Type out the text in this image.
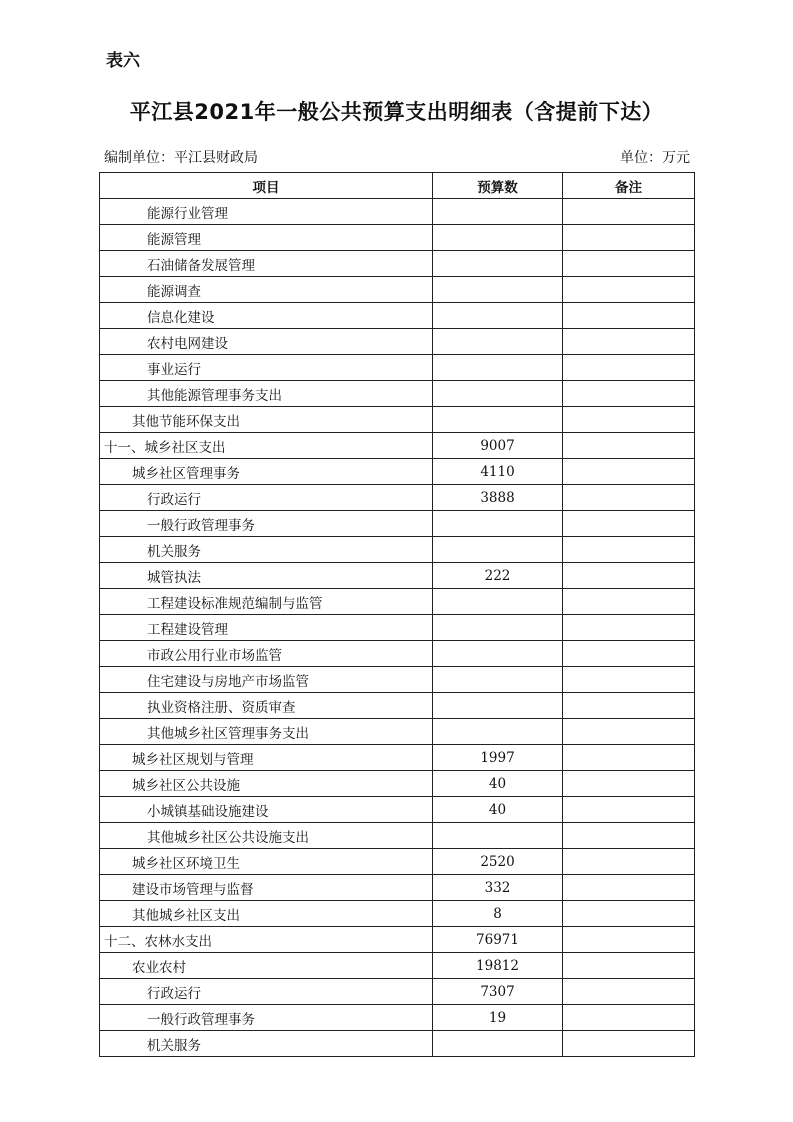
表六
平江县2021年一般公共预算支出明细表（含提前下达）
编制单位：平江县财政局	单位：万元
项目	预算数	备注
能源行业管理		
能源管理		
石油储备发展管理		
能源调查		
信息化建设		
农村电网建设		
事业运行		
其他能源管理事务支出		
其他节能环保支出		
十一、城乡社区支出	9007	
城乡社区管理事务	4110	
行政运行	3888	
一般行政管理事务		
机关服务		
城管执法	222	
工程建设标准规范编制与监管		
工程建设管理		
市政公用行业市场监管		
住宅建设与房地产市场监管		
执业资格注册、资质审查		
其他城乡社区管理事务支出		
城乡社区规划与管理	1997	
城乡社区公共设施	40	
小城镇基础设施建设	40	
其他城乡社区公共设施支出		
城乡社区环境卫生	2520	
建设市场管理与监督	332	
其他城乡社区支出	8	
十二、农林水支出	76971	
农业农村	19812	
行政运行	7307	
一般行政管理事务	19	
机关服务		
